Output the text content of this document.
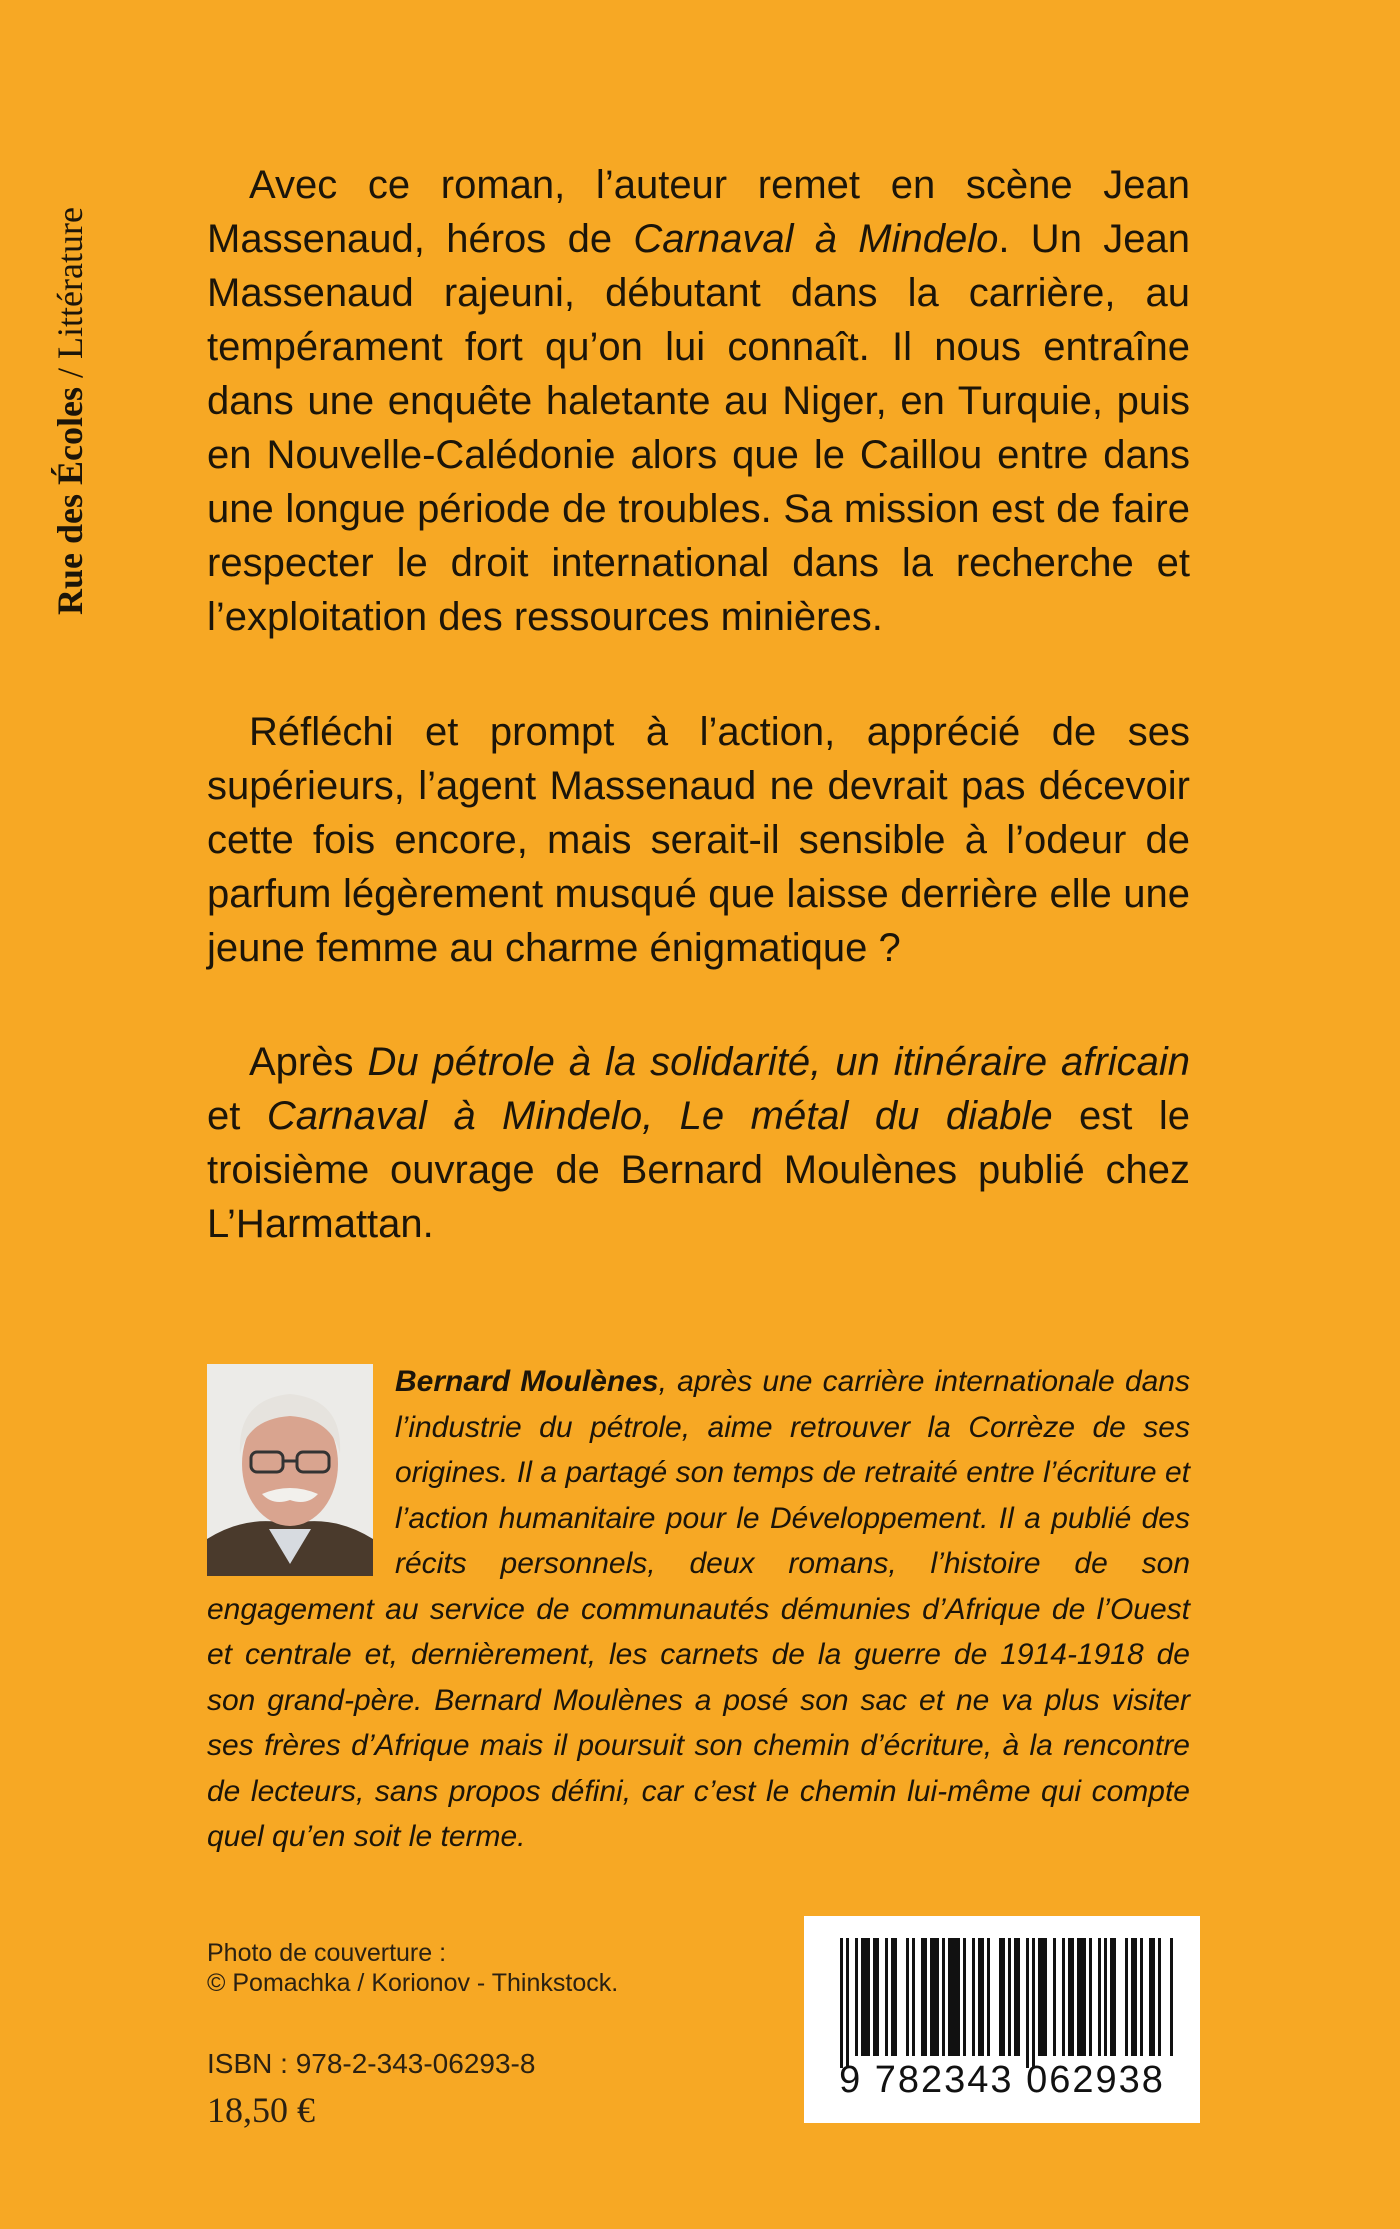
Rue des Écoles / Littérature

Avec ce roman, l’auteur remet en scène Jean Massenaud, héros de Carnaval à Mindelo. Un Jean Massenaud rajeuni, débutant dans la carrière, au tempérament fort qu’on lui connaît. Il nous entraîne dans une enquête haletante au Niger, en Turquie, puis en Nouvelle-Calédonie alors que le Caillou entre dans une longue période de troubles. Sa mission est de faire respecter le droit international dans la recherche et l’exploitation des ressources minières.

Réfléchi et prompt à l’action, apprécié de ses supérieurs, l’agent Massenaud ne devrait pas décevoir cette fois encore, mais serait-il sensible à l’odeur de parfum légèrement musqué que laisse derrière elle une jeune femme au charme énigmatique ?

Après Du pétrole à la solidarité, un itinéraire africain et Carnaval à Mindelo, Le métal du diable est le troisième ouvrage de Bernard Moulènes publié chez L’Harmattan.

Bernard Moulènes, après une carrière internationale dans l’industrie du pétrole, aime retrouver la Corrèze de ses origines. Il a partagé son temps de retraité entre l’écriture et l’action humanitaire pour le Développement. Il a publié des récits personnels, deux romans, l’histoire de son engagement au service de communautés démunies d’Afrique de l’Ouest et centrale et, dernièrement, les carnets de la guerre de 1914-1918 de son grand-père. Bernard Moulènes a posé son sac et ne va plus visiter ses frères d’Afrique mais il poursuit son chemin d’écriture, à la rencontre de lecteurs, sans propos défini, car c’est le chemin lui-même qui compte quel qu’en soit le terme.
Photo de couverture :
© Pomachka / Korionov - Thinkstock.
ISBN : 978-2-343-06293-8
18,50 €
9 782343 062938
